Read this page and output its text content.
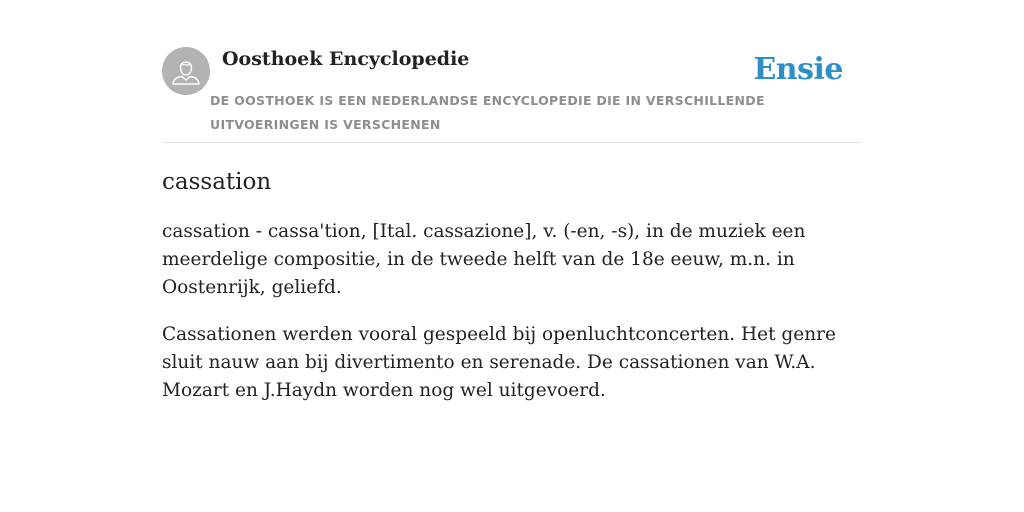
Oosthoek Encyclopedie	Ensie

DE OOSTHOEK IS EEN NEDERLANDSE ENCYCLOPEDIE DIE IN VERSCHILLENDE UITVOERINGEN IS VERSCHENEN

cassation

cassation - cassa'tion, [Ital. cassazione], v. (-en, -s), in de muziek een meerdelige compositie, in de tweede helft van de 18e eeuw, m.n. in Oostenrijk, geliefd.

Cassationen werden vooral gespeeld bij openluchtconcerten. Het genre sluit nauw aan bij divertimento en serenade. De cassationen van W.A. Mozart en J.Haydn worden nog wel uitgevoerd.
